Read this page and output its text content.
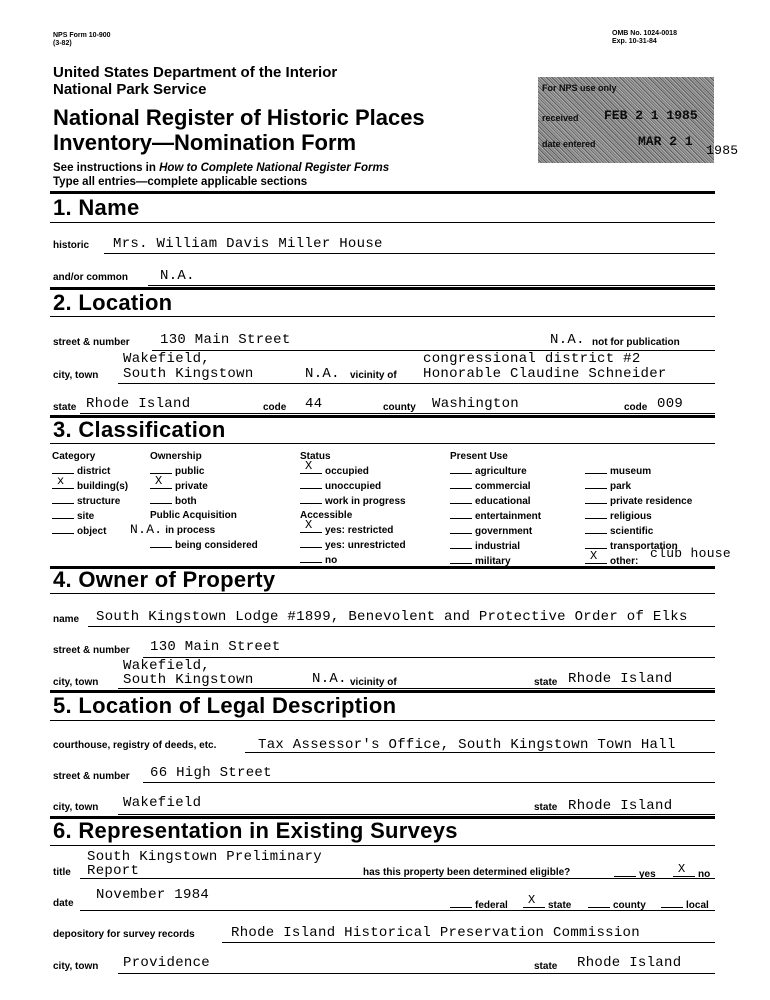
NPS Form 10-900
(3-82)
OMB No. 1024-0018
Exp. 10-31-84
United States Department of the Interior
National Park Service
National Register of Historic Places
Inventory—Nomination Form
See instructions in How to Complete National Register Forms
Type all entries—complete applicable sections
For NPS use only
received FEB 2 1 1985
date entered	MAR 2 1
1985
1. Name
historic Mrs. William Davis Miller House
and/or common N.A.
2. Location
street & number 130 Main Street	N.A. not for publication
Wakefield,
city, town South Kingstown	N.A. vicinity of
congressional district #2
Honorable Claudine Schneider
state Rhode Island	code 44	county Washington	code 009
3. Classification
Category
district
x building(s)
structure
site
object
Ownership
public
X private
both
Public Acquisition
N.A. in process
being considered
Status
X occupied
unoccupied
work in progress
Accessible
X yes: restricted
yes: unrestricted
no
Present Use
agriculture
commercial
educational
entertainment
government
industrial
military
museum
park
private residence
religious
scientific
transportation
X other:
club house
4. Owner of Property
name South Kingstown Lodge #1899, Benevolent and Protective Order of Elks
street & number 130 Main Street
Wakefield,
city, town South Kingstown	N.A. vicinity of	state Rhode Island
5. Location of Legal Description
courthouse, registry of deeds, etc.	Tax Assessor's Office, South Kingstown Town Hall
street & number 66 High Street
city, town Wakefield	state Rhode Island
6. Representation in Existing Surveys
South Kingstown Preliminary
title Report	has this property been determined eligible?	yes X no
date
November 1984
federal X state	county	local
depository for survey records	Rhode Island Historical Preservation Commission
city, town Providence	state Rhode Island
